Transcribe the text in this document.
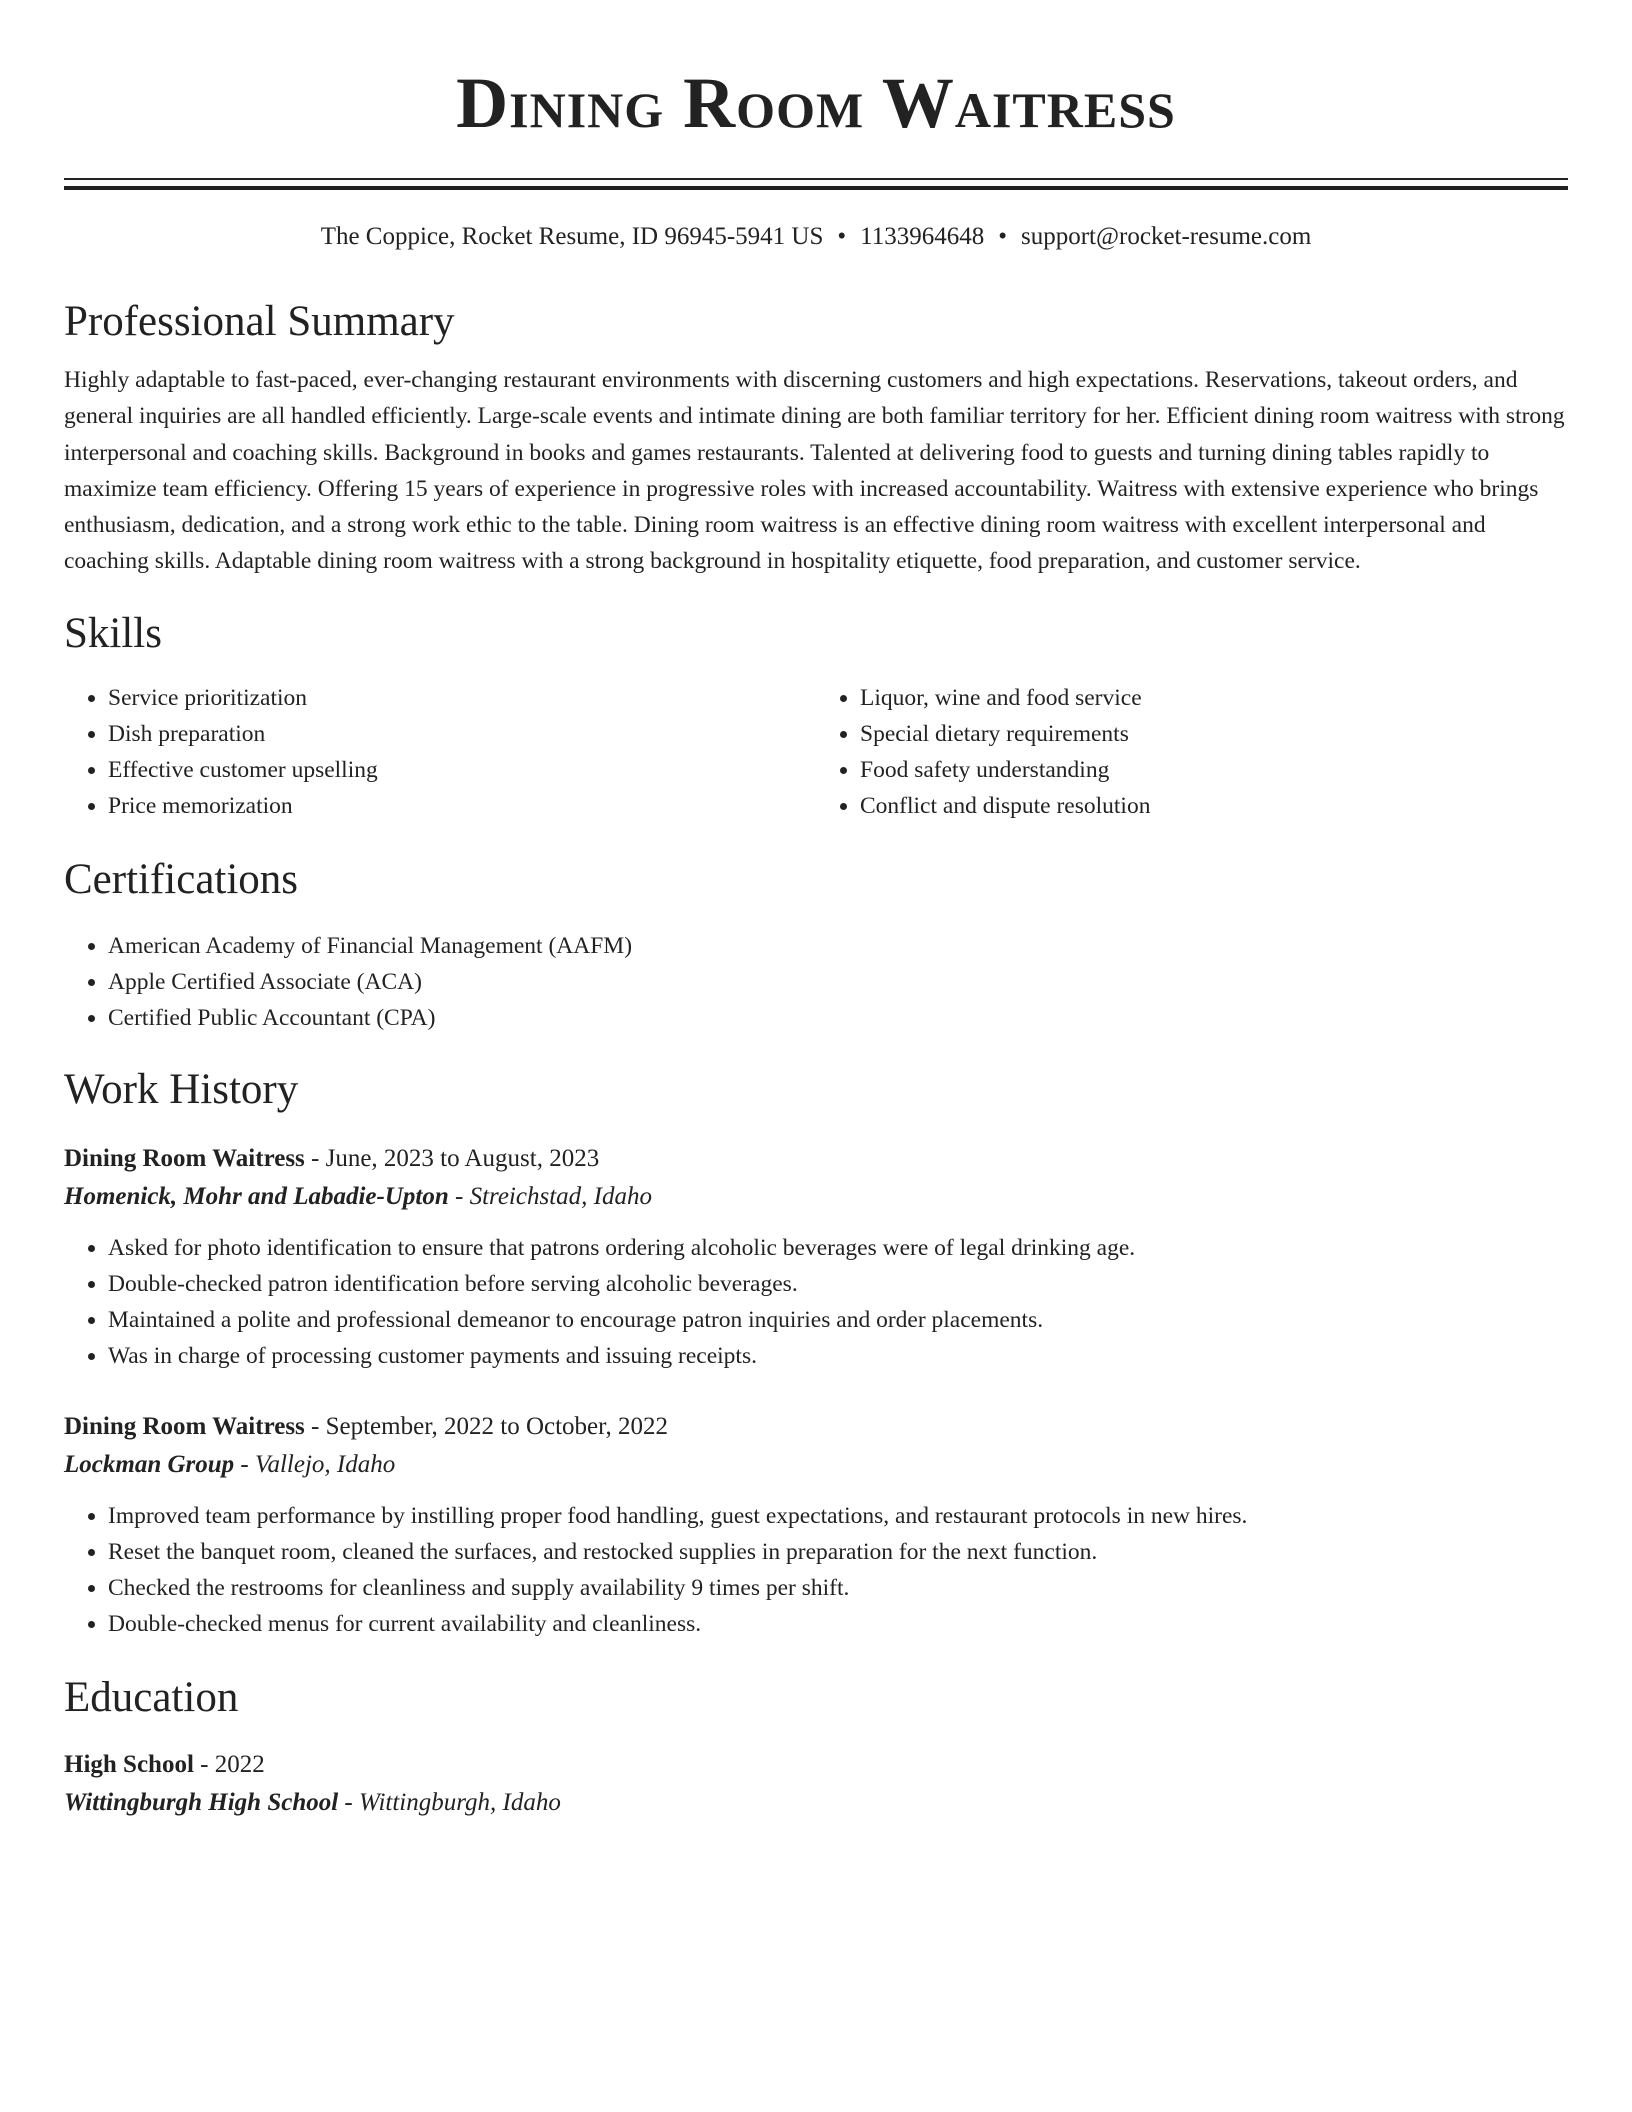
Dining Room Waitress
The Coppice, Rocket Resume, ID 96945-5941 US • 1133964648 • support@rocket-resume.com
Professional Summary

Highly adaptable to fast-paced, ever-changing restaurant environments with discerning customers and high expectations. Reservations, takeout orders, and general inquiries are all handled efficiently. Large-scale events and intimate dining are both familiar territory for her. Efficient dining room waitress with strong interpersonal and coaching skills. Background in books and games restaurants. Talented at delivering food to guests and turning dining tables rapidly to maximize team efficiency. Offering 15 years of experience in progressive roles with increased accountability. Waitress with extensive experience who brings enthusiasm, dedication, and a strong work ethic to the table. Dining room waitress is an effective dining room waitress with excellent interpersonal and coaching skills. Adaptable dining room waitress with a strong background in hospitality etiquette, food preparation, and customer service.

Skills
• Service prioritization
• Dish preparation
• Effective customer upselling
• Price memorization
• Liquor, wine and food service
• Special dietary requirements
• Food safety understanding
• Conflict and dispute resolution
Certifications
• American Academy of Financial Management (AAFM)
• Apple Certified Associate (ACA)
• Certified Public Accountant (CPA)
Work History
Dining Room Waitress - June, 2023 to August, 2023
Homenick, Mohr and Labadie-Upton - Streichstad, Idaho
• Asked for photo identification to ensure that patrons ordering alcoholic beverages were of legal drinking age.
• Double-checked patron identification before serving alcoholic beverages.
• Maintained a polite and professional demeanor to encourage patron inquiries and order placements.
• Was in charge of processing customer payments and issuing receipts.
Dining Room Waitress - September, 2022 to October, 2022
Lockman Group - Vallejo, Idaho
• Improved team performance by instilling proper food handling, guest expectations, and restaurant protocols in new hires.
• Reset the banquet room, cleaned the surfaces, and restocked supplies in preparation for the next function.
• Checked the restrooms for cleanliness and supply availability 9 times per shift.
• Double-checked menus for current availability and cleanliness.
Education
High School - 2022
Wittingburgh High School - Wittingburgh, Idaho
